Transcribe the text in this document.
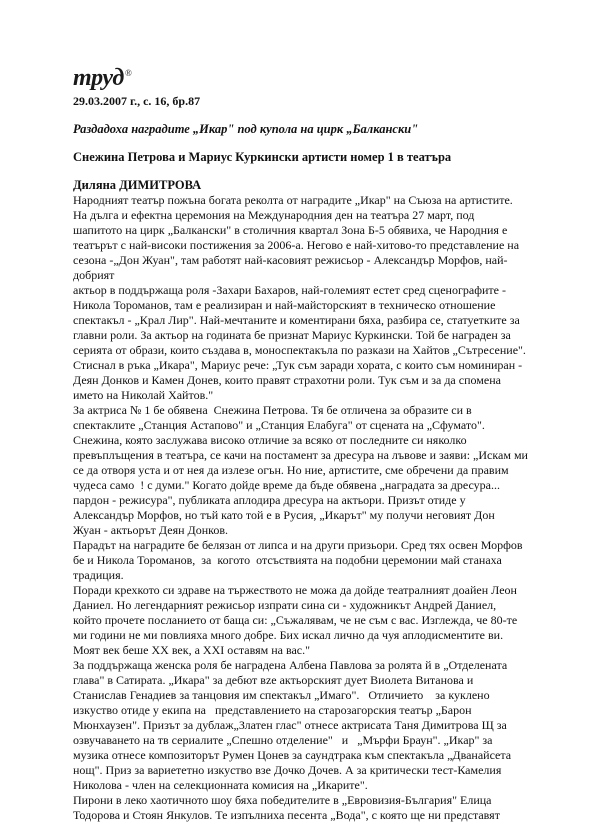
труд ®
29.03.2007 г., с. 16, бр.87
Раздадоха наградите „Икар" под купола на цирк „Балкански"
Снежина Петрова и Мариус Куркински артисти номер 1 в театъра
Диляна ДИМИТРОВА

Народният театър пожъна богата реколта от наградите „Икар" на Съюза на артистите.

На дълга и ефектна церемония на Международния ден на театъра 27 март, под

шапитото на цирк „Балкански" в столичния квартал Зона Б-5 обявиха, че Народния е

театърът с най-високи постижения за 2006-а. Негово е най-хитово-то представление на

сезона -„Дон Жуан", там работят най-касовият режисьор - Александър Морфов, най-

добрият

актьор в поддържаща роля -Захари Бахаров, най-големият естет сред сценографите -

Никола Тороманов, там е реализиран и най-майсторският в техническо отношение

спектакъл - „Крал Лир". Най-мечтаните и коментирани бяха, разбира се, статуетките за

главни роли. За актьор на годината бе признат Мариус Куркински. Той бе награден за

серията от образи, които създава в, моноспектакъла по разкази на Хайтов „Сътресение".

Стиснал в ръка „Икара", Мариус рече: „Тук съм заради хората, с които съм номиниран -

Деян Донков и Камен Донев, които правят страхотни роли. Тук съм и за да спомена

името на Николай Хайтов."

За актриса № 1 бе обявена  Снежина Петрова. Тя бе отличена за образите си в

спектаклите „Станция Астапово" и „Станция Елабуга" от сцената на „Сфумато".

Снежина, която заслужава високо отличие за всяко от последните си няколко

превъплъщения в театъра, се качи на постамент за дресура на лъвове и заяви: „Искам ми

се да отворя уста и от нея да излезе огън. Но ние, артистите, сме обречени да правим

чудеса само  ! с думи." Когато дойде време да бъде обявена „наградата за дресура...

пардон - режисура", публиката аплодира дресура на актьори. Призът отиде у

Александър Морфов, но тъй като той е в Русия, „Икарът" му получи неговият Дон

Жуан - актьорът Деян Донков.

Парадът на наградите бе белязан от липса и на други призьори. Сред тях освен Морфов

бе и Никола Тороманов,  за  когото  отсъствията на подобни церемонии май станаха

традиция.

Поради крехкото си здраве на тържеството не можа да дойде театралният доайен Леон

Даниел. Но легендарният режисьор изпрати сина си - художникът Андрей Даниел,

който прочете посланието от баща си: „Съжалявам, че не съм с вас. Изглежда, че 80-те

ми години не ми повлияха много добре. Бих искал лично да чуя аплодисментите ви.

Моят век беше ХХ век, а ХХI оставям на вас."

За поддържаща женска роля бе наградена Албена Павлова за ролята й в „Отделената

глава" в Сатирата. „Икара" за дебют вze актьорският дует Виолета Витанова и

Станислав Генадиев за танцовия им спектакъл „Имаго".   Отличието    за куклено

изкуство отиде у екипа на   представлението на старозагорския театър „Барон

Мюнхаузен". Призът за дублаж„Златен глас" отнесе актрисата Таня Димитрова Щ за

озвучаването на тв сериалите „Спешно отделение"   и   „Мърфи Браун". „Икар" за

музика отнесе композиторът Румен Цонев за саундтрака към спектакъла „Дванайсета

нощ". Приз за вариететно изкуство взе Дочко Дочев. А за критически тест-Камелия

Николова - член на селекционната комисия на „Икарите".

Пирони в леко хаотичното шоу бяха победителите в „Евровизия-България" Елица

Тодорова и Стоян Янкулов. Те изпълниха песента „Вода", с която ще ни представят
